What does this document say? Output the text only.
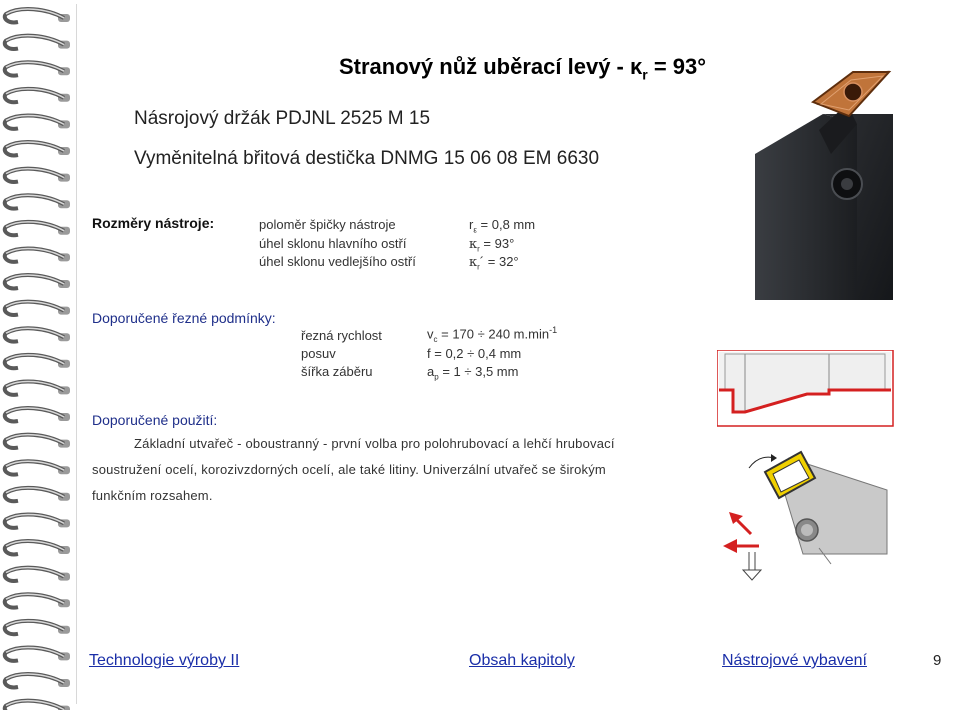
Stranový nůž uběrací levý - $\kappa_r = 93^\circ$
Násrojový držák PDJNL 2525 M 15
Vyměnitelná břitová destička DNMG 15 06 08 EM 6630
Rozměry nástroje:	poloměr špičky nástroje	$r_\varepsilon = 0,8$ mm
úhel sklonu hlavního ostří	$\kappa_r = 93^\circ$
úhel sklonu vedlejšího ostří	$\kappa_r´ = 32^\circ$
Doporučené řezné podmínky:
řezná rychlost	$v_c = 170 \div 240$ $m.\min^{-1}$
posuv	f = 0,2 ÷ 0,4 mm
šířka záběru	$a_p = 1 \div 3,5$ mm
Doporučené použití:
Základní utvařeč - oboustranný - první volba pro polohrubovací a lehčí hrubovací
soustružení ocelí, korozivzdorných ocelí, ale také litiny. Univerzální utvařeč se širokým
funkčním rozsahem.
Technologie výroby II	Obsah kapitoly	Nástrojové vybavení	9
